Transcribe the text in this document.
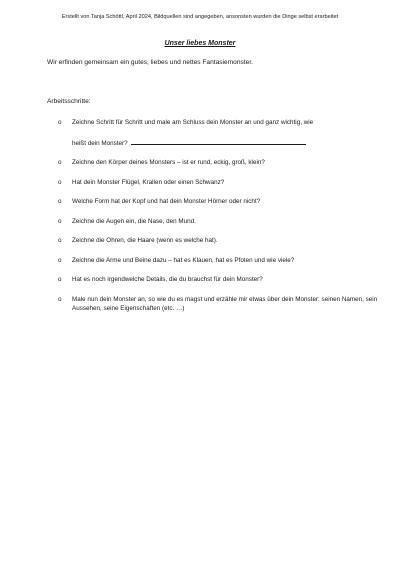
Erstellt von Tanja Schöttl, April 2024, Bildquellen sind angegeben, ansonsten wurden die Dinge selbst erarbeitet
Unser liebes Monster
Wir erfinden gemeinsam ein gutes, liebes und nettes Fantasiemonster.
Arbeitsschritte:
o Zeichne Schritt für Schritt und male am Schluss dein Monster an und ganz wichtig, wie
heißt dein Monster?
o Zeichne den Körper deines Monsters – ist er rund, eckig, groß, klein?
o Hat dein Monster Flügel, Krallen oder einen Schwanz?
o Welche Form hat der Kopf und hat dein Monster Hörner oder nicht?
o Zeichne die Augen ein, die Nase, den Mund.
o Zeichne die Ohren, die Haare (wenn es welche hat).
o Zeichne die Arme und Beine dazu – hat es Klauen, hat es Pfoten und wie viele?
o Hat es noch irgendwelche Details, die du brauchst für dein Monster?
o Male nun dein Monster an, so wie du es magst und erzähle mir etwas über dein Monster: seinen Namen, sein Aussehen, seine Eigenschaften (etc. …)
